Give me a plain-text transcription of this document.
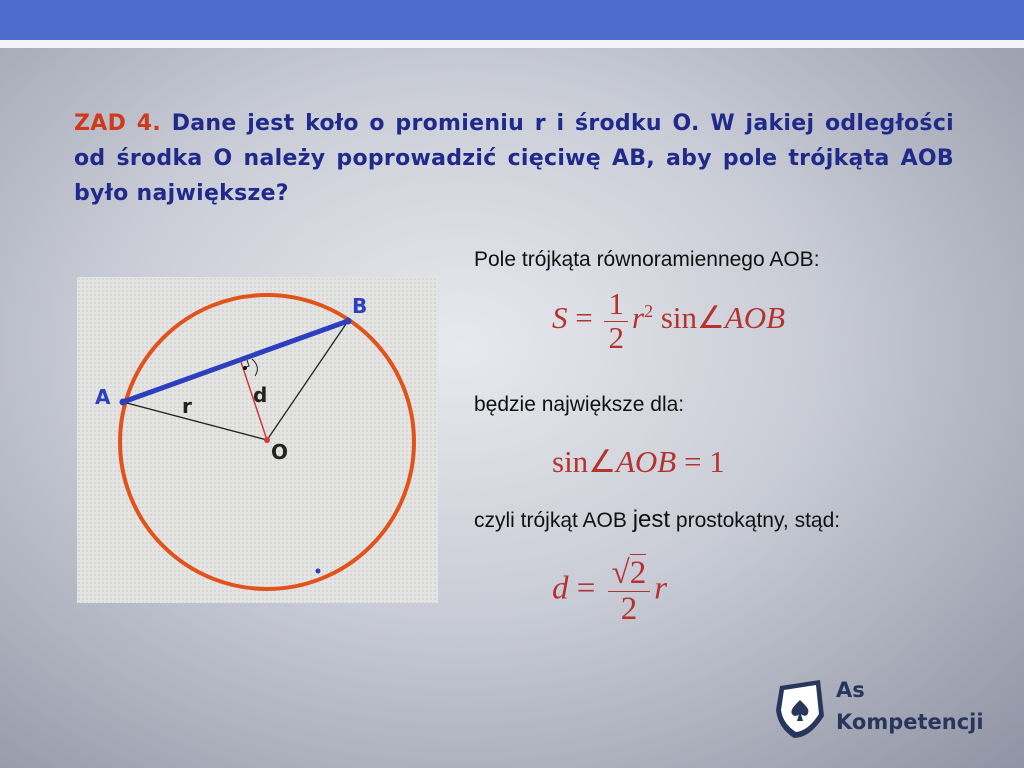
ZAD 4. Dane jest koło o promieniu r i środku O. W jakiej odległości od środka O należy poprowadzić cięciwę AB, aby pole trójkąta AOB było największe?
A
B
O
r	d
Pole trójkąta równoramiennego AOB:
$S = \frac{1}{2} r^2$ sin∠AOB
będzie największe dla:
sin∠AOB = 1
czyli trójkąt AOB jest prostokątny, stąd:
$d = \frac{√2}{2}$ r
As
Kompetencji
